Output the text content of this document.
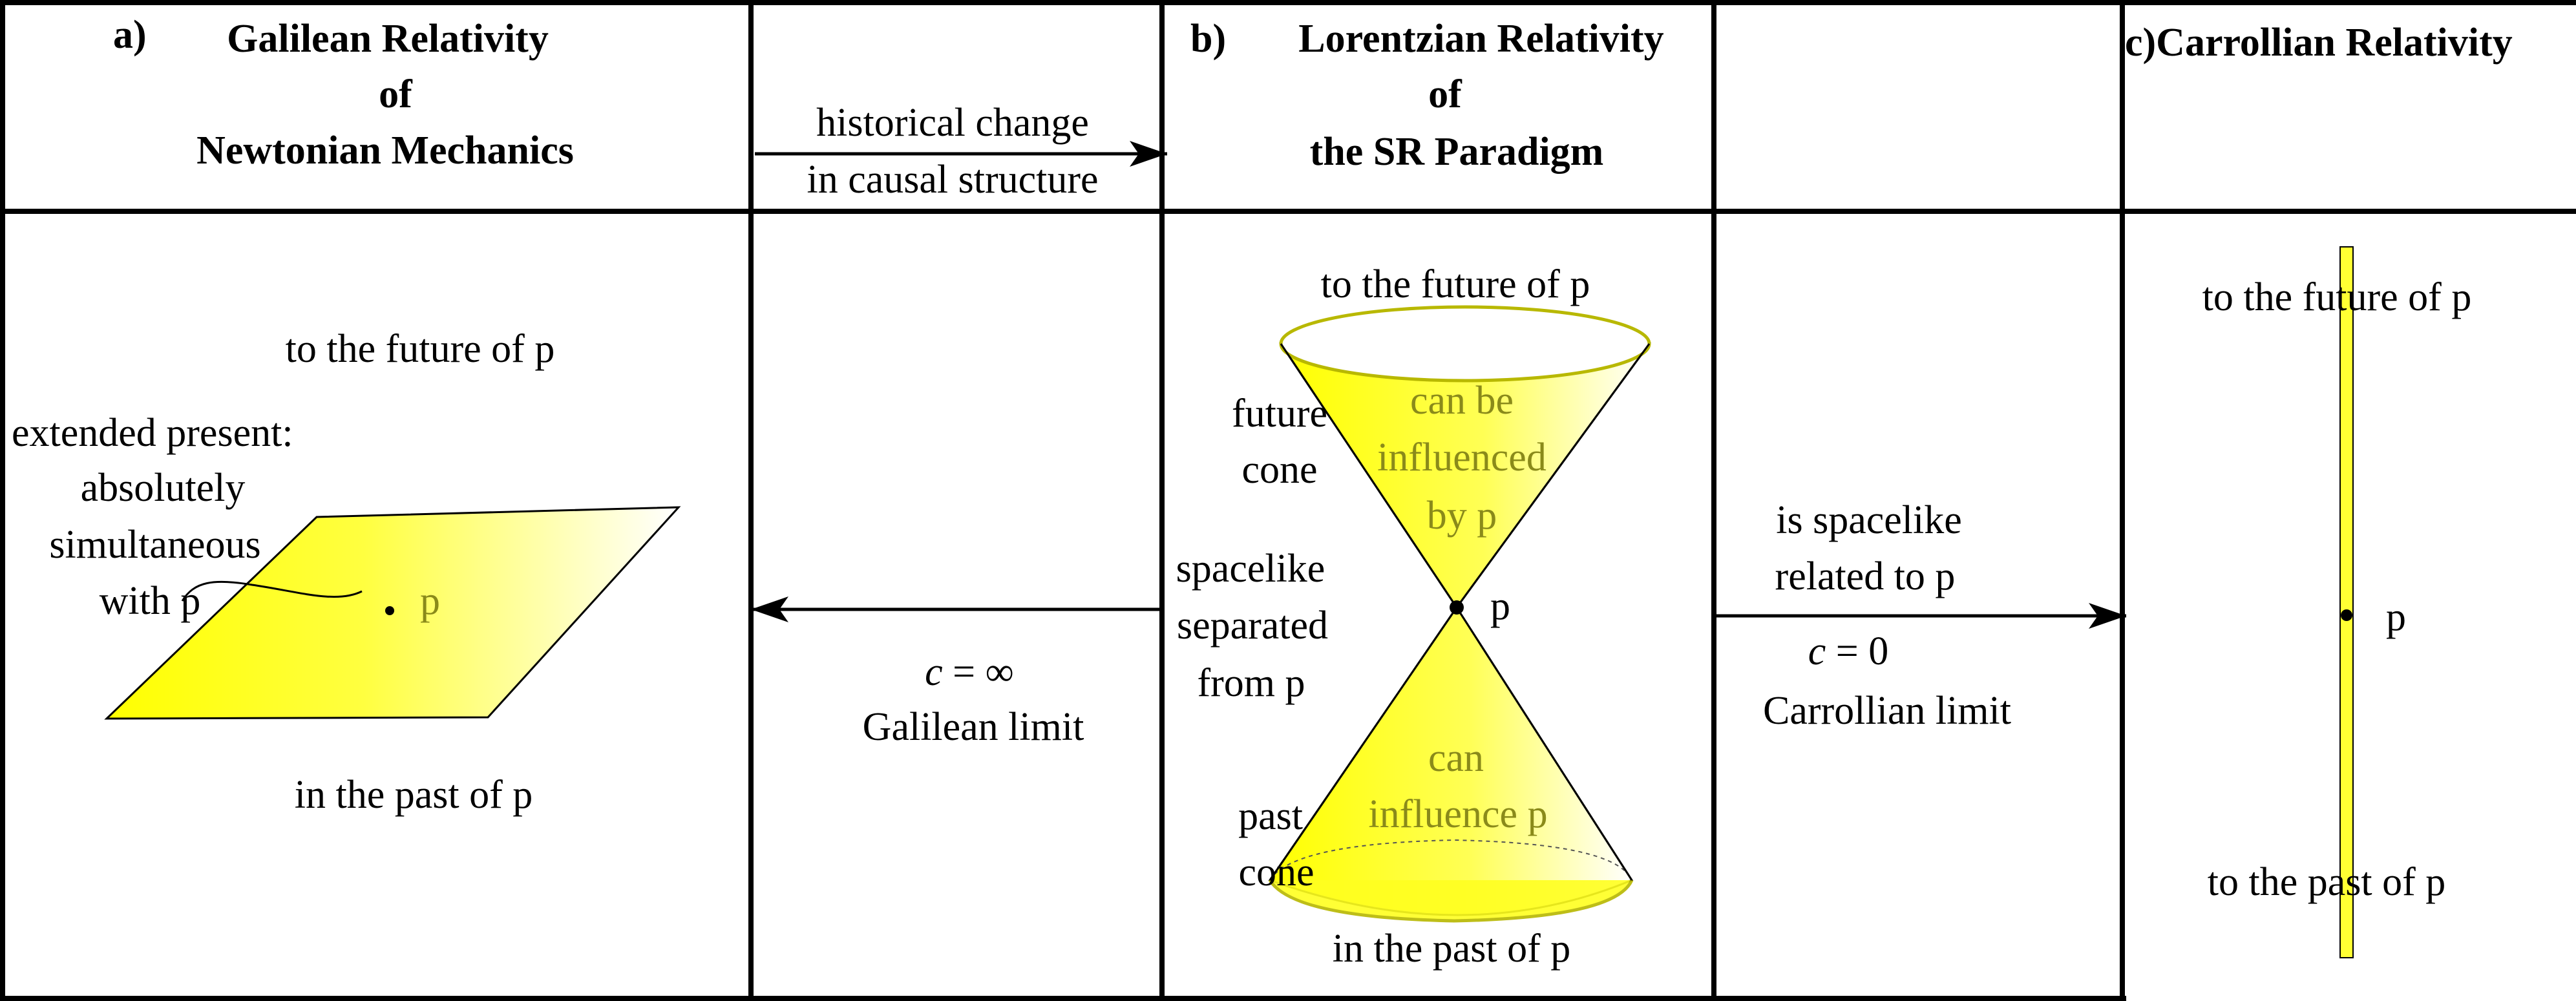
a) Galilean Relativity
of
Newtonian Mechanics
b) Lorentzian Relativity
of
the SR Paradigm
c)Carrollian Relativity
historical change
in causal structure
to the future of p
extended present:
absolutely
simultaneous
with p	p
in the past of p
c = ∞
Galilean limit
to the future of p
future
cone
can be
influenced
by p
spacelike
separated
from p
p
can
influence p
past
cone
in the past of p
is spacelike
related to p
c = 0
Carrollian limit
to the future of p
p
to the past of p
